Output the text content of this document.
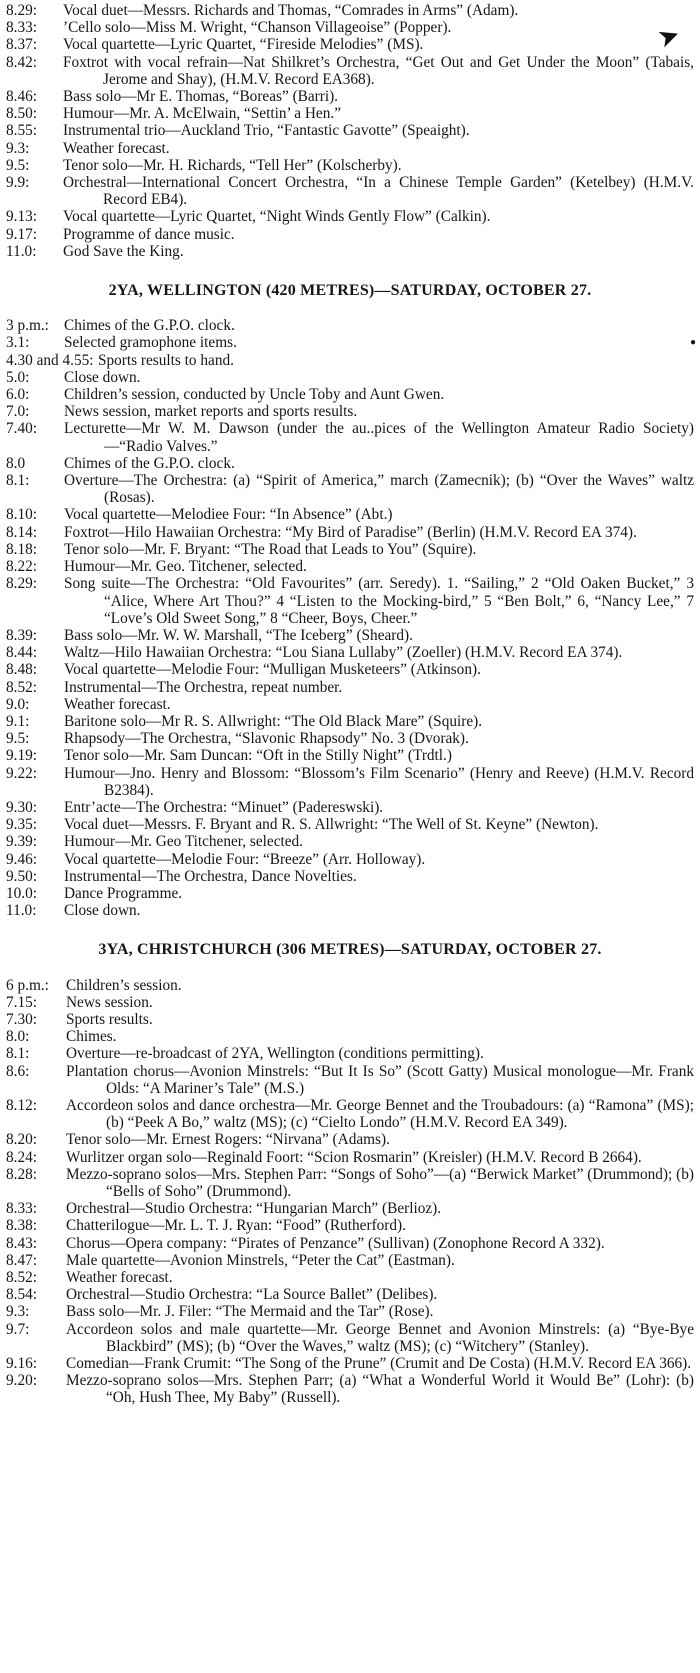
8.29:	Vocal duet—Messrs. Richards and Thomas, “Comrades in Arms” (Adam).
8.33:	’Cello solo—Miss M. Wright, “Chanson Villageoise” (Popper).
8.37:	Vocal quartette—Lyric Quartet, “Fireside Melodies” (MS).
8.42:	Foxtrot with vocal refrain—Nat Shilkret’s Orchestra, “Get Out and Get Under the Moon” (Tabais, Jerome and Shay), (H.M.V. Record EA368).
8.46:	Bass solo—Mr E. Thomas, “Boreas” (Barri).
8.50:	Humour—Mr. A. McElwain, “Settin’ a Hen.”
8.55:	Instrumental trio—Auckland Trio, “Fantastic Gavotte” (Speaight).
9.3:	Weather forecast.
9.5:	Tenor solo—Mr. H. Richards, “Tell Her” (Kolscherby).
9.9:	Orchestral—International Concert Orchestra, “In a Chinese Temple Garden” (Ketelbey) (H.M.V. Record EB4).
9.13:	Vocal quartette—Lyric Quartet, “Night Winds Gently Flow” (Calkin).
9.17:	Programme of dance music.
11.0:	God Save the King.
2YA, WELLINGTON (420 METRES)—SATURDAY, OCTOBER 27.
3 p.m.: Chimes of the G.P.O. clock.
3.1:	Selected gramophone items.
4.30 and 4.55: Sports results to hand.
5.0:	Close down.
6.0:	Children’s session, conducted by Uncle Toby and Aunt Gwen.
7.0:	News session, market reports and sports results.
7.40:	Lecturette—Mr W. M. Dawson (under the au..pices of the Wellington Amateur Radio Society)—“Radio Valves.”
8.0	Chimes of the G.P.O. clock.
8.1:	Overture—The Orchestra: (a) “Spirit of America,” march (Zamecnik); (b) “Over the Waves” waltz (Rosas).
8.10:	Vocal quartette—Melodiee Four: “In Absence” (Abt.)
8.14:	Foxtrot—Hilo Hawaiian Orchestra: “My Bird of Paradise” (Berlin) (H.M.V. Record EA 374).
8.18:	Tenor solo—Mr. F. Bryant: “The Road that Leads to You” (Squire).
8.22:	Humour—Mr. Geo. Titchener, selected.
8.29:	Song suite—The Orchestra: “Old Favourites” (arr. Seredy). 1. “Sailing,” 2 “Old Oaken Bucket,” 3 “Alice, Where Art Thou?” 4 “Listen to the Mocking-bird,” 5 “Ben Bolt,” 6, “Nancy Lee,” 7 “Love’s Old Sweet Song,” 8 “Cheer, Boys, Cheer.”
8.39:	Bass solo—Mr. W. W. Marshall, “The Iceberg” (Sheard).
8.44:	Waltz—Hilo Hawaiian Orchestra: “Lou Siana Lullaby” (Zoeller) (H.M.V. Record EA 374).
8.48:	Vocal quartette—Melodie Four: “Mulligan Musketeers” (Atkinson).
8.52:	Instrumental—The Orchestra, repeat number.
9.0:	Weather forecast.
9.1:	Baritone solo—Mr R. S. Allwright: “The Old Black Mare” (Squire).
9.5:	Rhapsody—The Orchestra, “Slavonic Rhapsody” No. 3 (Dvorak).
9.19:	Tenor solo—Mr. Sam Duncan: “Oft in the Stilly Night” (Trdtl.)
9.22:	Humour—Jno. Henry and Blossom: “Blossom’s Film Scenario” (Henry and Reeve) (H.M.V. Record B2384).
9.30:	Entr’acte—The Orchestra: “Minuet” (Padereswski).
9.35:	Vocal duet—Messrs. F. Bryant and R. S. Allwright: “The Well of St. Keyne” (Newton).
9.39:	Humour—Mr. Geo Titchener, selected.
9.46:	Vocal quartette—Melodie Four: “Breeze” (Arr. Holloway).
9.50:	Instrumental—The Orchestra, Dance Novelties.
10.0:	Dance Programme.
11.0:	Close down.
3YA, CHRISTCHURCH (306 METRES)—SATURDAY, OCTOBER 27.
6 p.m.:	Children’s session.
7.15:	News session.
7.30:	Sports results.
8.0:	Chimes.
8.1:	Overture—re-broadcast of 2YA, Wellington (conditions permitting).
8.6:	Plantation chorus—Avonion Minstrels: “But It Is So” (Scott Gatty) Musical monologue—Mr. Frank Olds: “A Mariner’s Tale” (M.S.)
8.12:	Accordeon solos and dance orchestra—Mr. George Bennet and the Troubadours: (a) “Ramona” (MS); (b) “Peek A Bo,” waltz (MS); (c) “Cielto Londo” (H.M.V. Record EA 349).
8.20:	Tenor solo—Mr. Ernest Rogers: “Nirvana” (Adams).
8.24:	Wurlitzer organ solo—Reginald Foort: “Scion Rosmarin” (Kreisler) (H.M.V. Record B 2664).
8.28:	Mezzo-soprano solos—Mrs. Stephen Parr: “Songs of Soho”—(a) “Berwick Market” (Drummond); (b) “Bells of Soho” (Drummond).
8.33:	Orchestral—Studio Orchestra: “Hungarian March” (Berlioz).
8.38:	Chatterilogue—Mr. L. T. J. Ryan: “Food” (Rutherford).
8.43:	Chorus—Opera company: “Pirates of Penzance” (Sullivan) (Zonophone Record A 332).
8.47:	Male quartette—Avonion Minstrels, “Peter the Cat” (Eastman).
8.52:	Weather forecast.
8.54:	Orchestral—Studio Orchestra: “La Source Ballet” (Delibes).
9.3:	Bass solo—Mr. J. Filer: “The Mermaid and the Tar” (Rose).
9.7:	Accordeon solos and male quartette—Mr. George Bennet and Avonion Minstrels: (a) “Bye-Bye Blackbird” (MS); (b) “Over the Waves,” waltz (MS); (c) “Witchery” (Stanley).
9.16:	Comedian—Frank Crumit: “The Song of the Prune” (Crumit and De Costa) (H.M.V. Record EA 366).
9.20:	Mezzo-soprano solos—Mrs. Stephen Parr; (a) “What a Wonderful World it Would Be” (Lohr): (b) “Oh, Hush Thee, My Baby” (Russell).
➤
●
